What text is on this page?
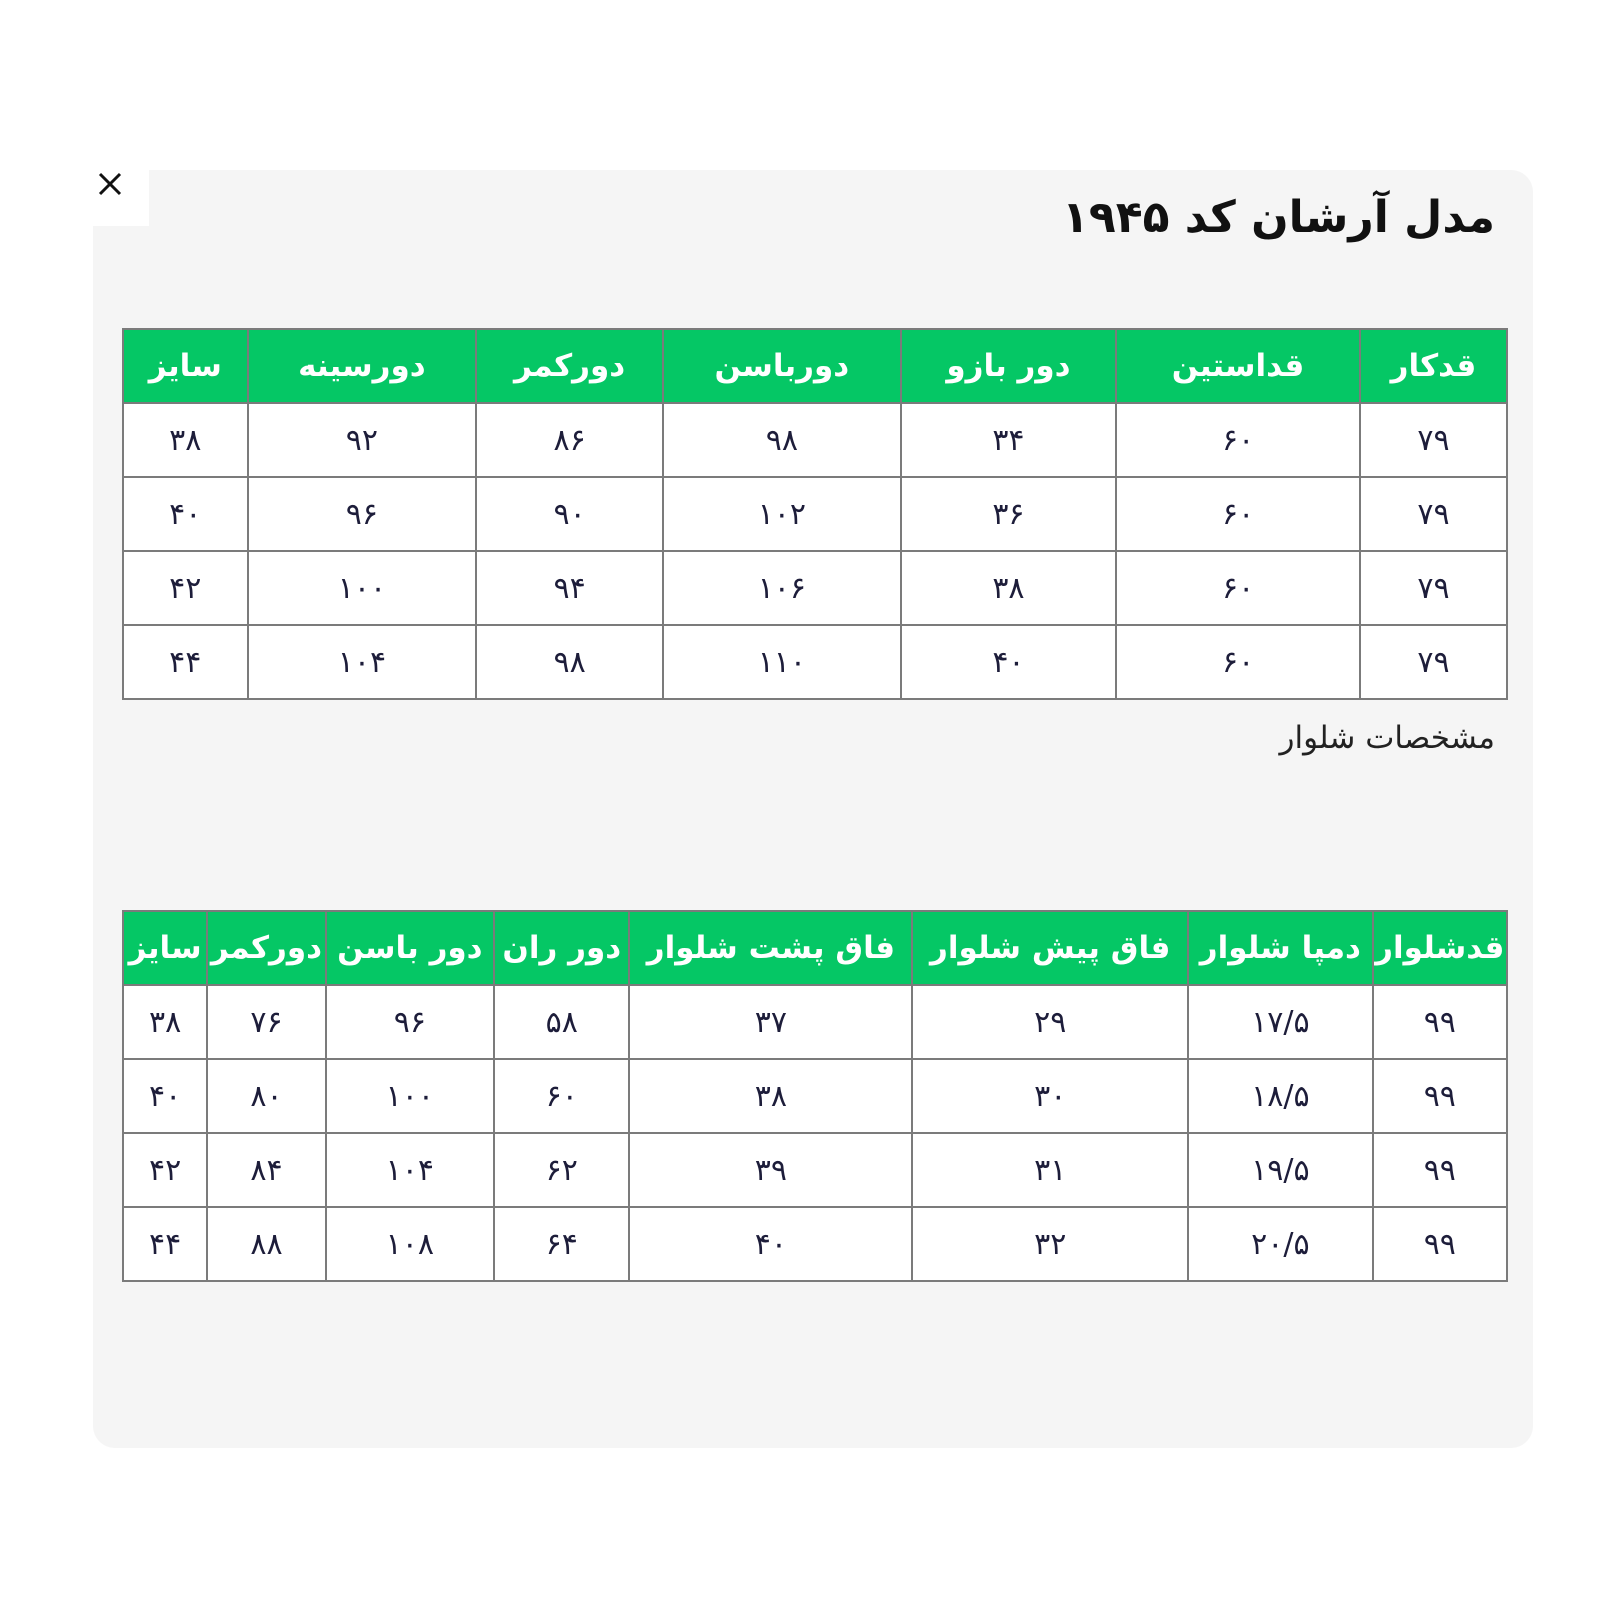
مدل آرشان کد ۱۹۴۵
قدکار	قداستین	دور بازو	دورباسن	دورکمر	دورسینه	سایز
۷۹	۶۰	۳۴	۹۸	۸۶	۹۲	۳۸
۷۹	۶۰	۳۶	۱۰۲	۹۰	۹۶	۴۰
۷۹	۶۰	۳۸	۱۰۶	۹۴	۱۰۰	۴۲
۷۹	۶۰	۴۰	۱۱۰	۹۸	۱۰۴	۴۴

مشخصات شلوار

قدشلوار	دمپا شلوار	فاق پیش شلوار	فاق پشت شلوار	دور ران	دور باسن	دورکمر	سایز
۹۹	۱۷/۵	۲۹	۳۷	۵۸	۹۶	۷۶	۳۸
۹۹	۱۸/۵	۳۰	۳۸	۶۰	۱۰۰	۸۰	۴۰
۹۹	۱۹/۵	۳۱	۳۹	۶۲	۱۰۴	۸۴	۴۲
۹۹	۲۰/۵	۳۲	۴۰	۶۴	۱۰۸	۸۸	۴۴
